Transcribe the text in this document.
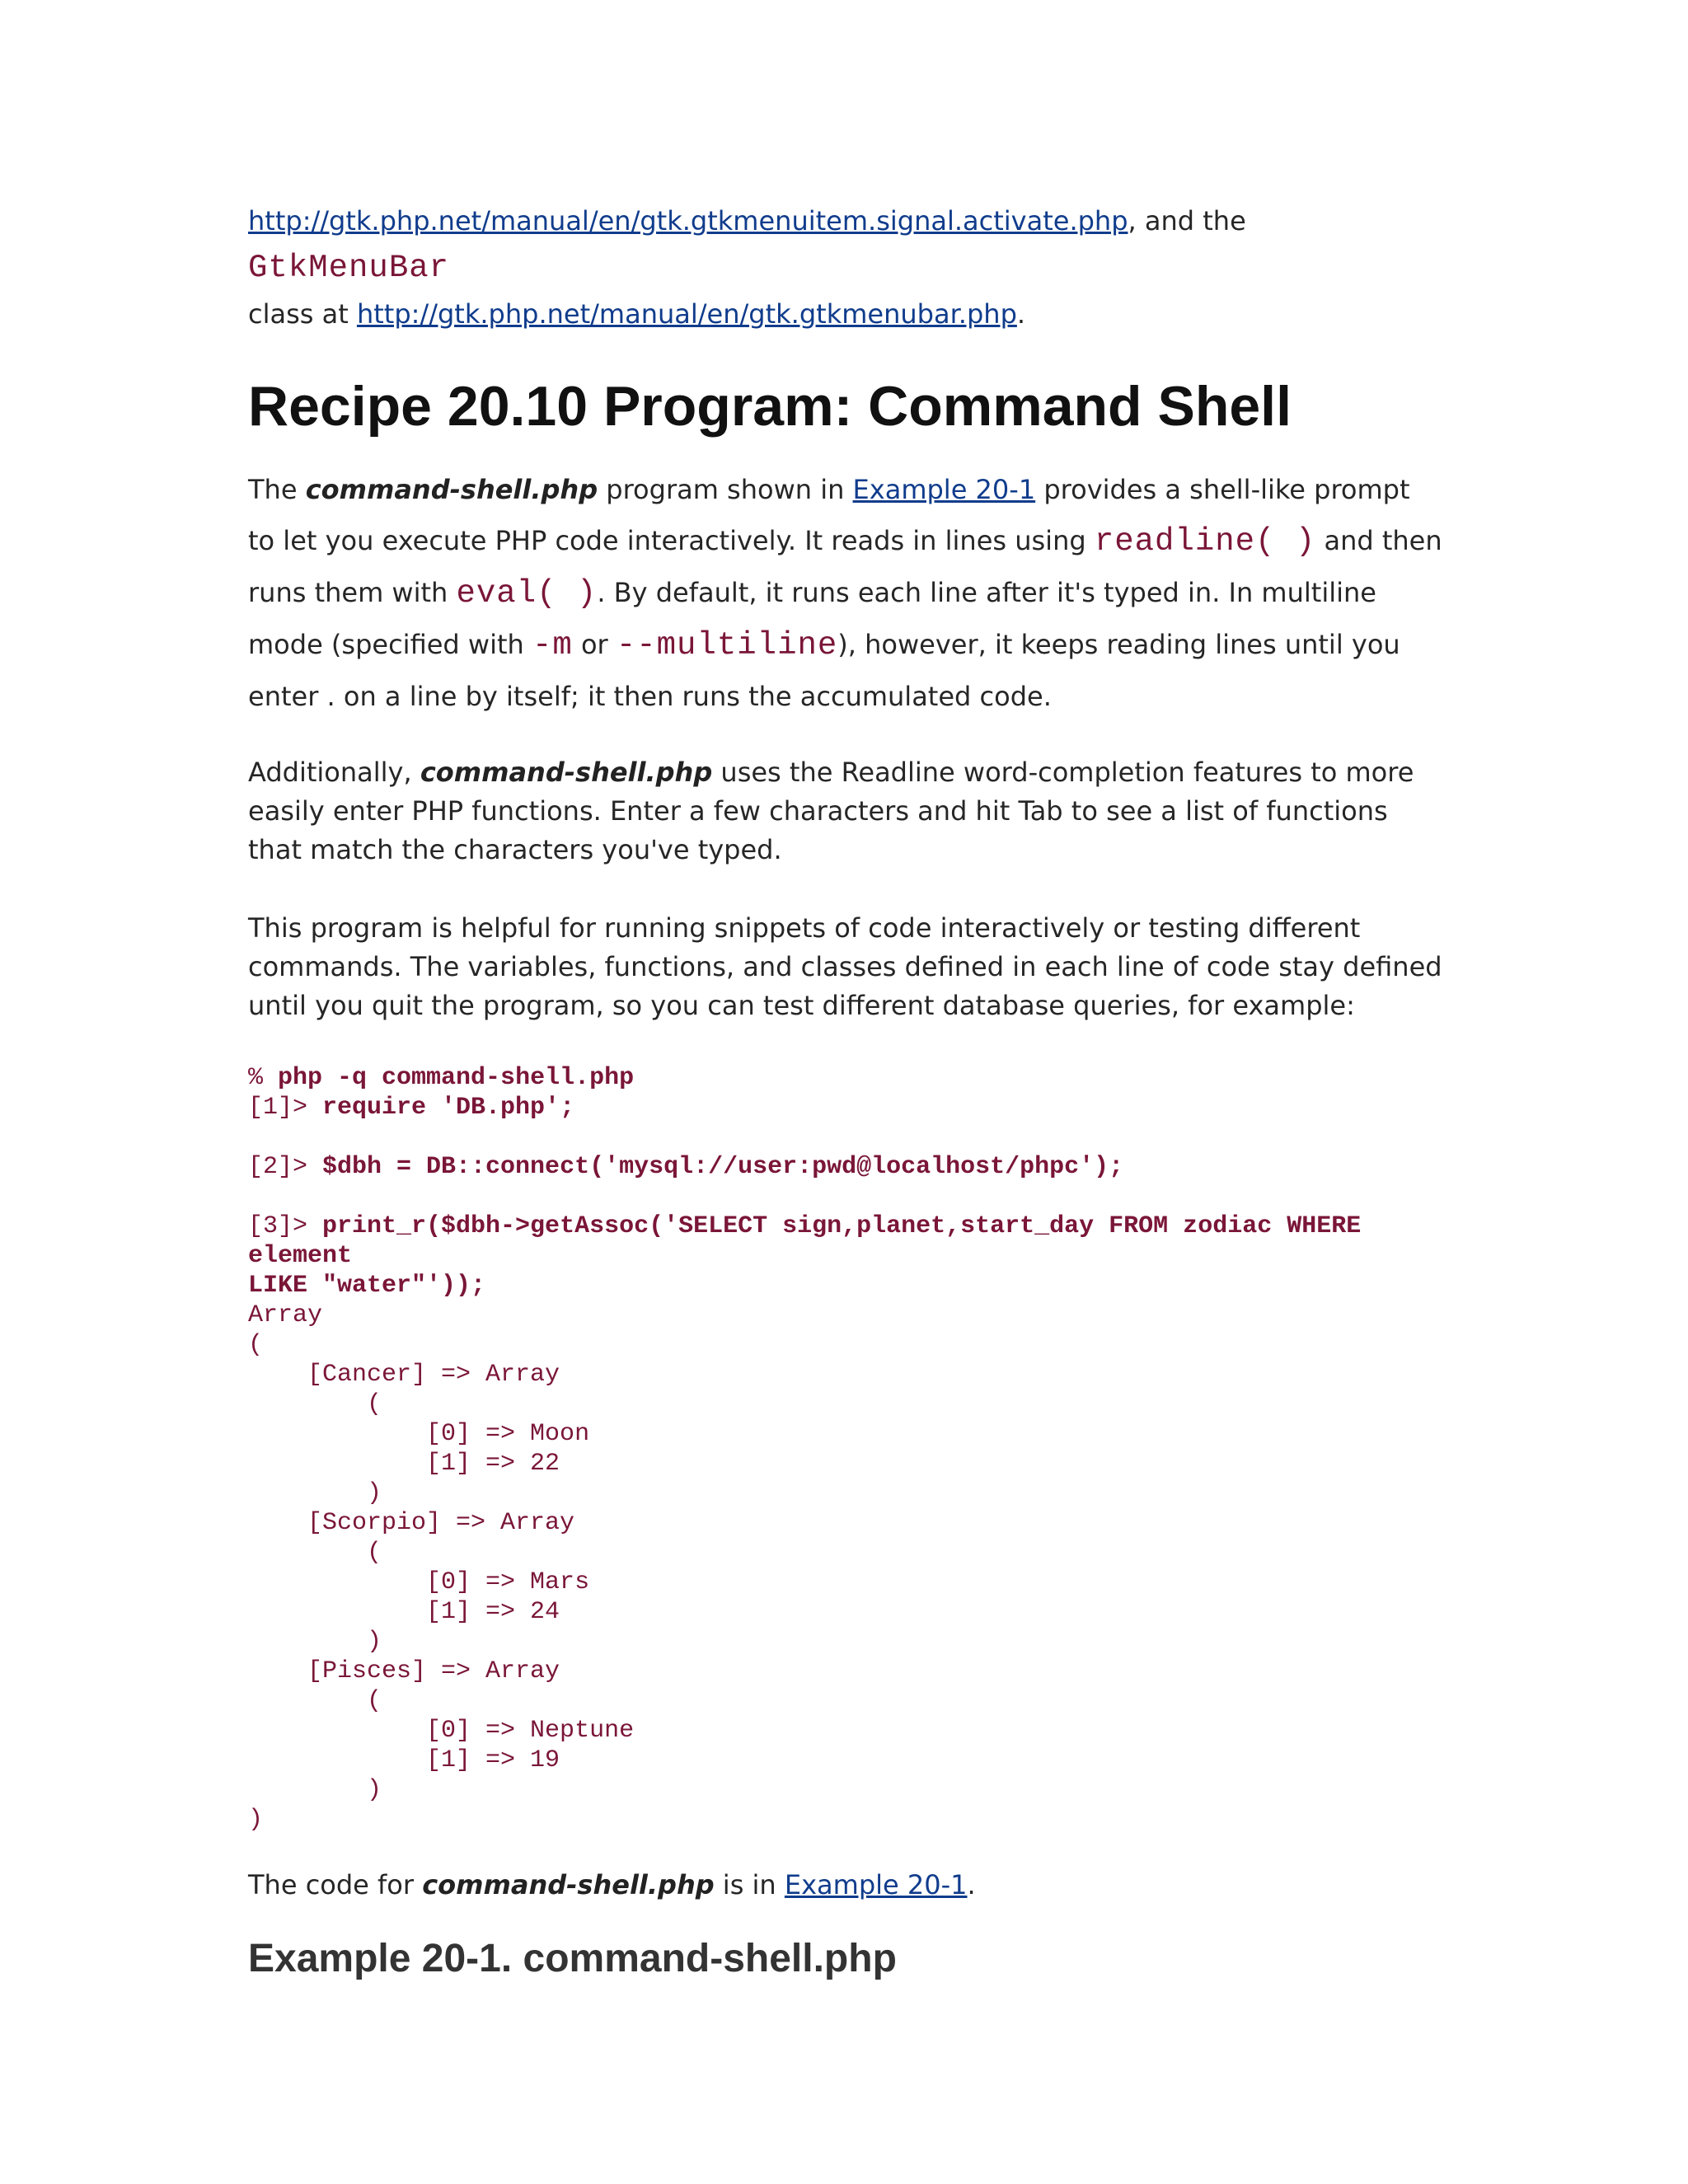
http://gtk.php.net/manual/en/gtk.gtkmenuitem.signal.activate.php, and the GtkMenuBar
class at http://gtk.php.net/manual/en/gtk.gtkmenubar.php.

Recipe 20.10 Program: Command Shell

The command-shell.php program shown in Example 20-1 provides a shell-like prompt to let you execute PHP code interactively. It reads in lines using readline( ) and then runs them with eval( ). By default, it runs each line after it's typed in. In multiline mode (specified with -m or --multiline), however, it keeps reading lines until you enter . on a line by itself; it then runs the accumulated code.

Additionally, command-shell.php uses the Readline word-completion features to more easily enter PHP functions. Enter a few characters and hit Tab to see a list of functions that match the characters you've typed.

This program is helpful for running snippets of code interactively or testing different commands. The variables, functions, and classes defined in each line of code stay defined until you quit the program, so you can test different database queries, for example:

% php -q command-shell.php
[1]> require 'DB.php';

[2]> $dbh = DB::connect('mysql://user:pwd@localhost/phpc');

[3]> print_r($dbh->getAssoc('SELECT sign,planet,start_day FROM zodiac WHERE
element
LIKE "water"'));
Array
(
[Cancer] => Array
(
[0] => Moon
[1] => 22
)
[Scorpio] => Array
(
[0] => Mars
[1] => 24
)
[Pisces] => Array
(
[0] => Neptune
[1] => 19
)
)

The code for command-shell.php is in Example 20-1.

Example 20-1. command-shell.php
